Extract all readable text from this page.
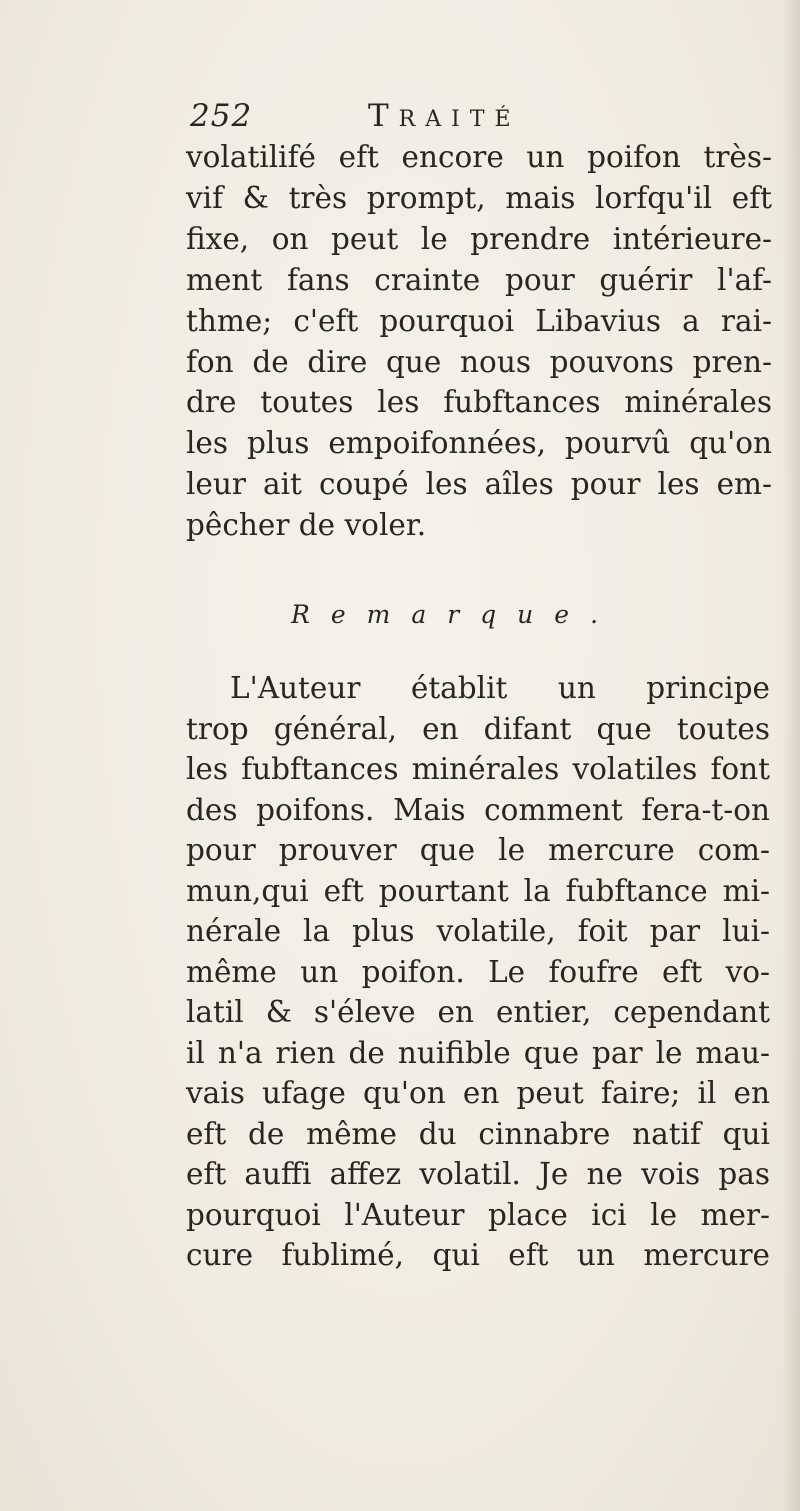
252	Traité
volatilifé eft encore un poifon très-
vif & très prompt, mais lorfqu'il eft
fixe, on peut le prendre intérieure-
ment fans crainte pour guérir l'af-
thme; c'eft pourquoi Libavius a rai-
fon de dire que nous pouvons pren-
dre toutes les fubftances minérales
les plus empoifonnées, pourvû qu'on
leur ait coupé les aîles pour les em-
pêcher de voler.
Remarque.
L'Auteur établit un principe
trop général, en difant que toutes
les fubftances minérales volatiles font
des poifons. Mais comment fera-t-on
pour prouver que le mercure com-
mun,qui eft pourtant la fubftance mi-
nérale la plus volatile, foit par lui-
même un poifon. Le foufre eft vo-
latil & s'éleve en entier, cependant
il n'a rien de nuifible que par le mau-
vais ufage qu'on en peut faire; il en
eft de même du cinnabre natif qui
eft auffi affez volatil. Je ne vois pas
pourquoi l'Auteur place ici le mer-
cure fublimé, qui eft un mercure
